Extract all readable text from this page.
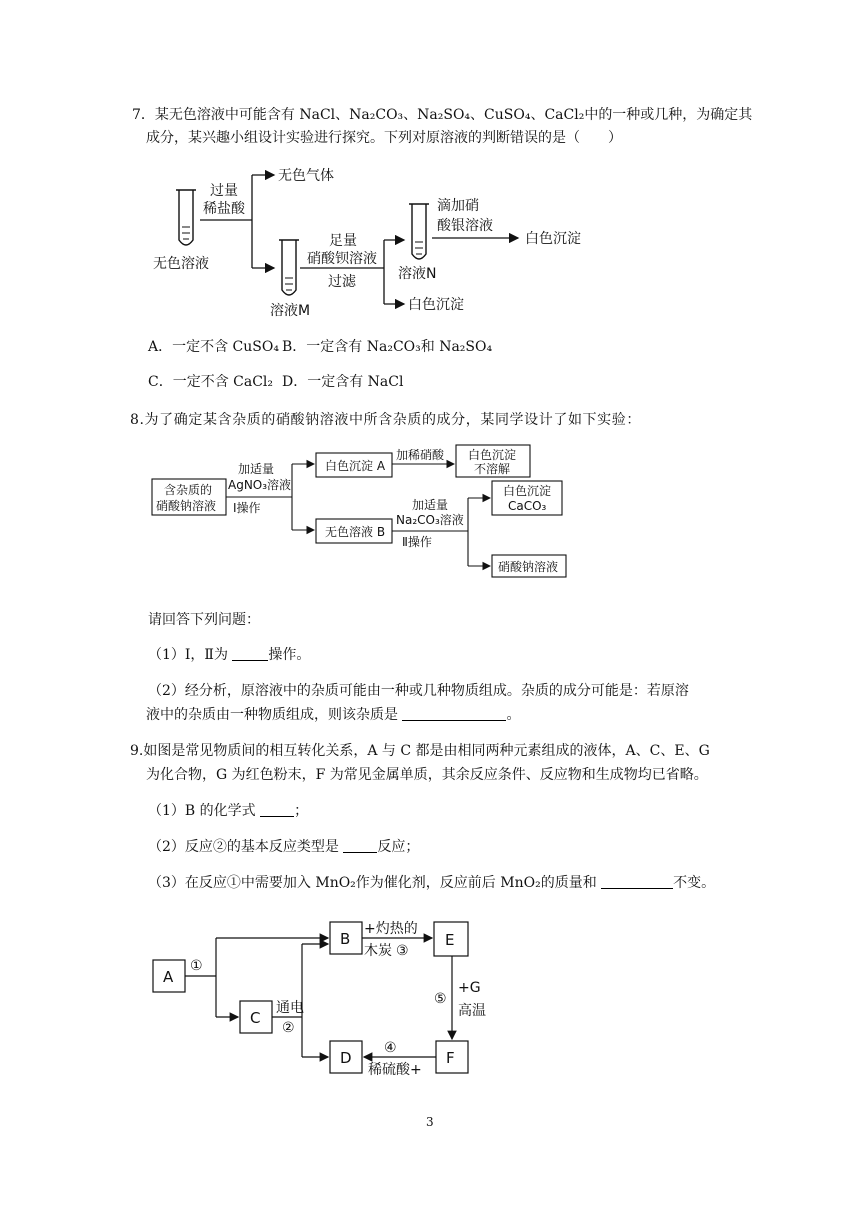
7．某无色溶液中可能含有 NaCl、Na₂CO₃、Na₂SO₄、CuSO₄、CaCl₂中的一种或几种，为确定其
成分，某兴趣小组设计实验进行探究。下列对原溶液的判断错误的是（　　）
无色气体
过量
稀盐酸
无色溶液
足量
硝酸钡溶液
过滤
溶液M
滴加硝
酸银溶液
溶液N
白色沉淀
白色沉淀
A．一定不含 CuSO₄ B．一定含有 Na₂CO₃和 Na₂SO₄
C．一定不含 CaCl₂ D．一定含有 NaCl
8.为了确定某含杂质的硝酸钠溶液中所含杂质的成分，某同学设计了如下实验：
含杂质的
硝酸钠溶液
加适量
AgNO₃溶液
Ⅰ操作
白色沉淀 A
加稀硝酸 白色沉淀
不溶解
无色溶液 B
加适量
Na₂CO₃溶液
Ⅱ操作
白色沉淀
CaCO₃
硝酸钠溶液
请回答下列问题：
（1）Ⅰ，Ⅱ为	操作。
（2）经分析，原溶液中的杂质可能由一种或几种物质组成。杂质的成分可能是：若原溶
液中的杂质由一种物质组成，则该杂质是	。
9.如图是常见物质间的相互转化关系，A 与 C 都是由相同两种元素组成的液体，A、C、E、G
为化合物，G 为红色粉末，F 为常见金属单质，其余反应条件、反应物和生成物均已省略。
（1）B 的化学式	；
（2）反应②的基本反应类型是	反应；
（3）在反应①中需要加入 MnO₂作为催化剂，反应前后 MnO₂的质量和	不变。
A
B
C
D
E
F
①
通电
②
+灼热的
木炭 ③
⑤
+G
高温
④
稀硫酸+
3
